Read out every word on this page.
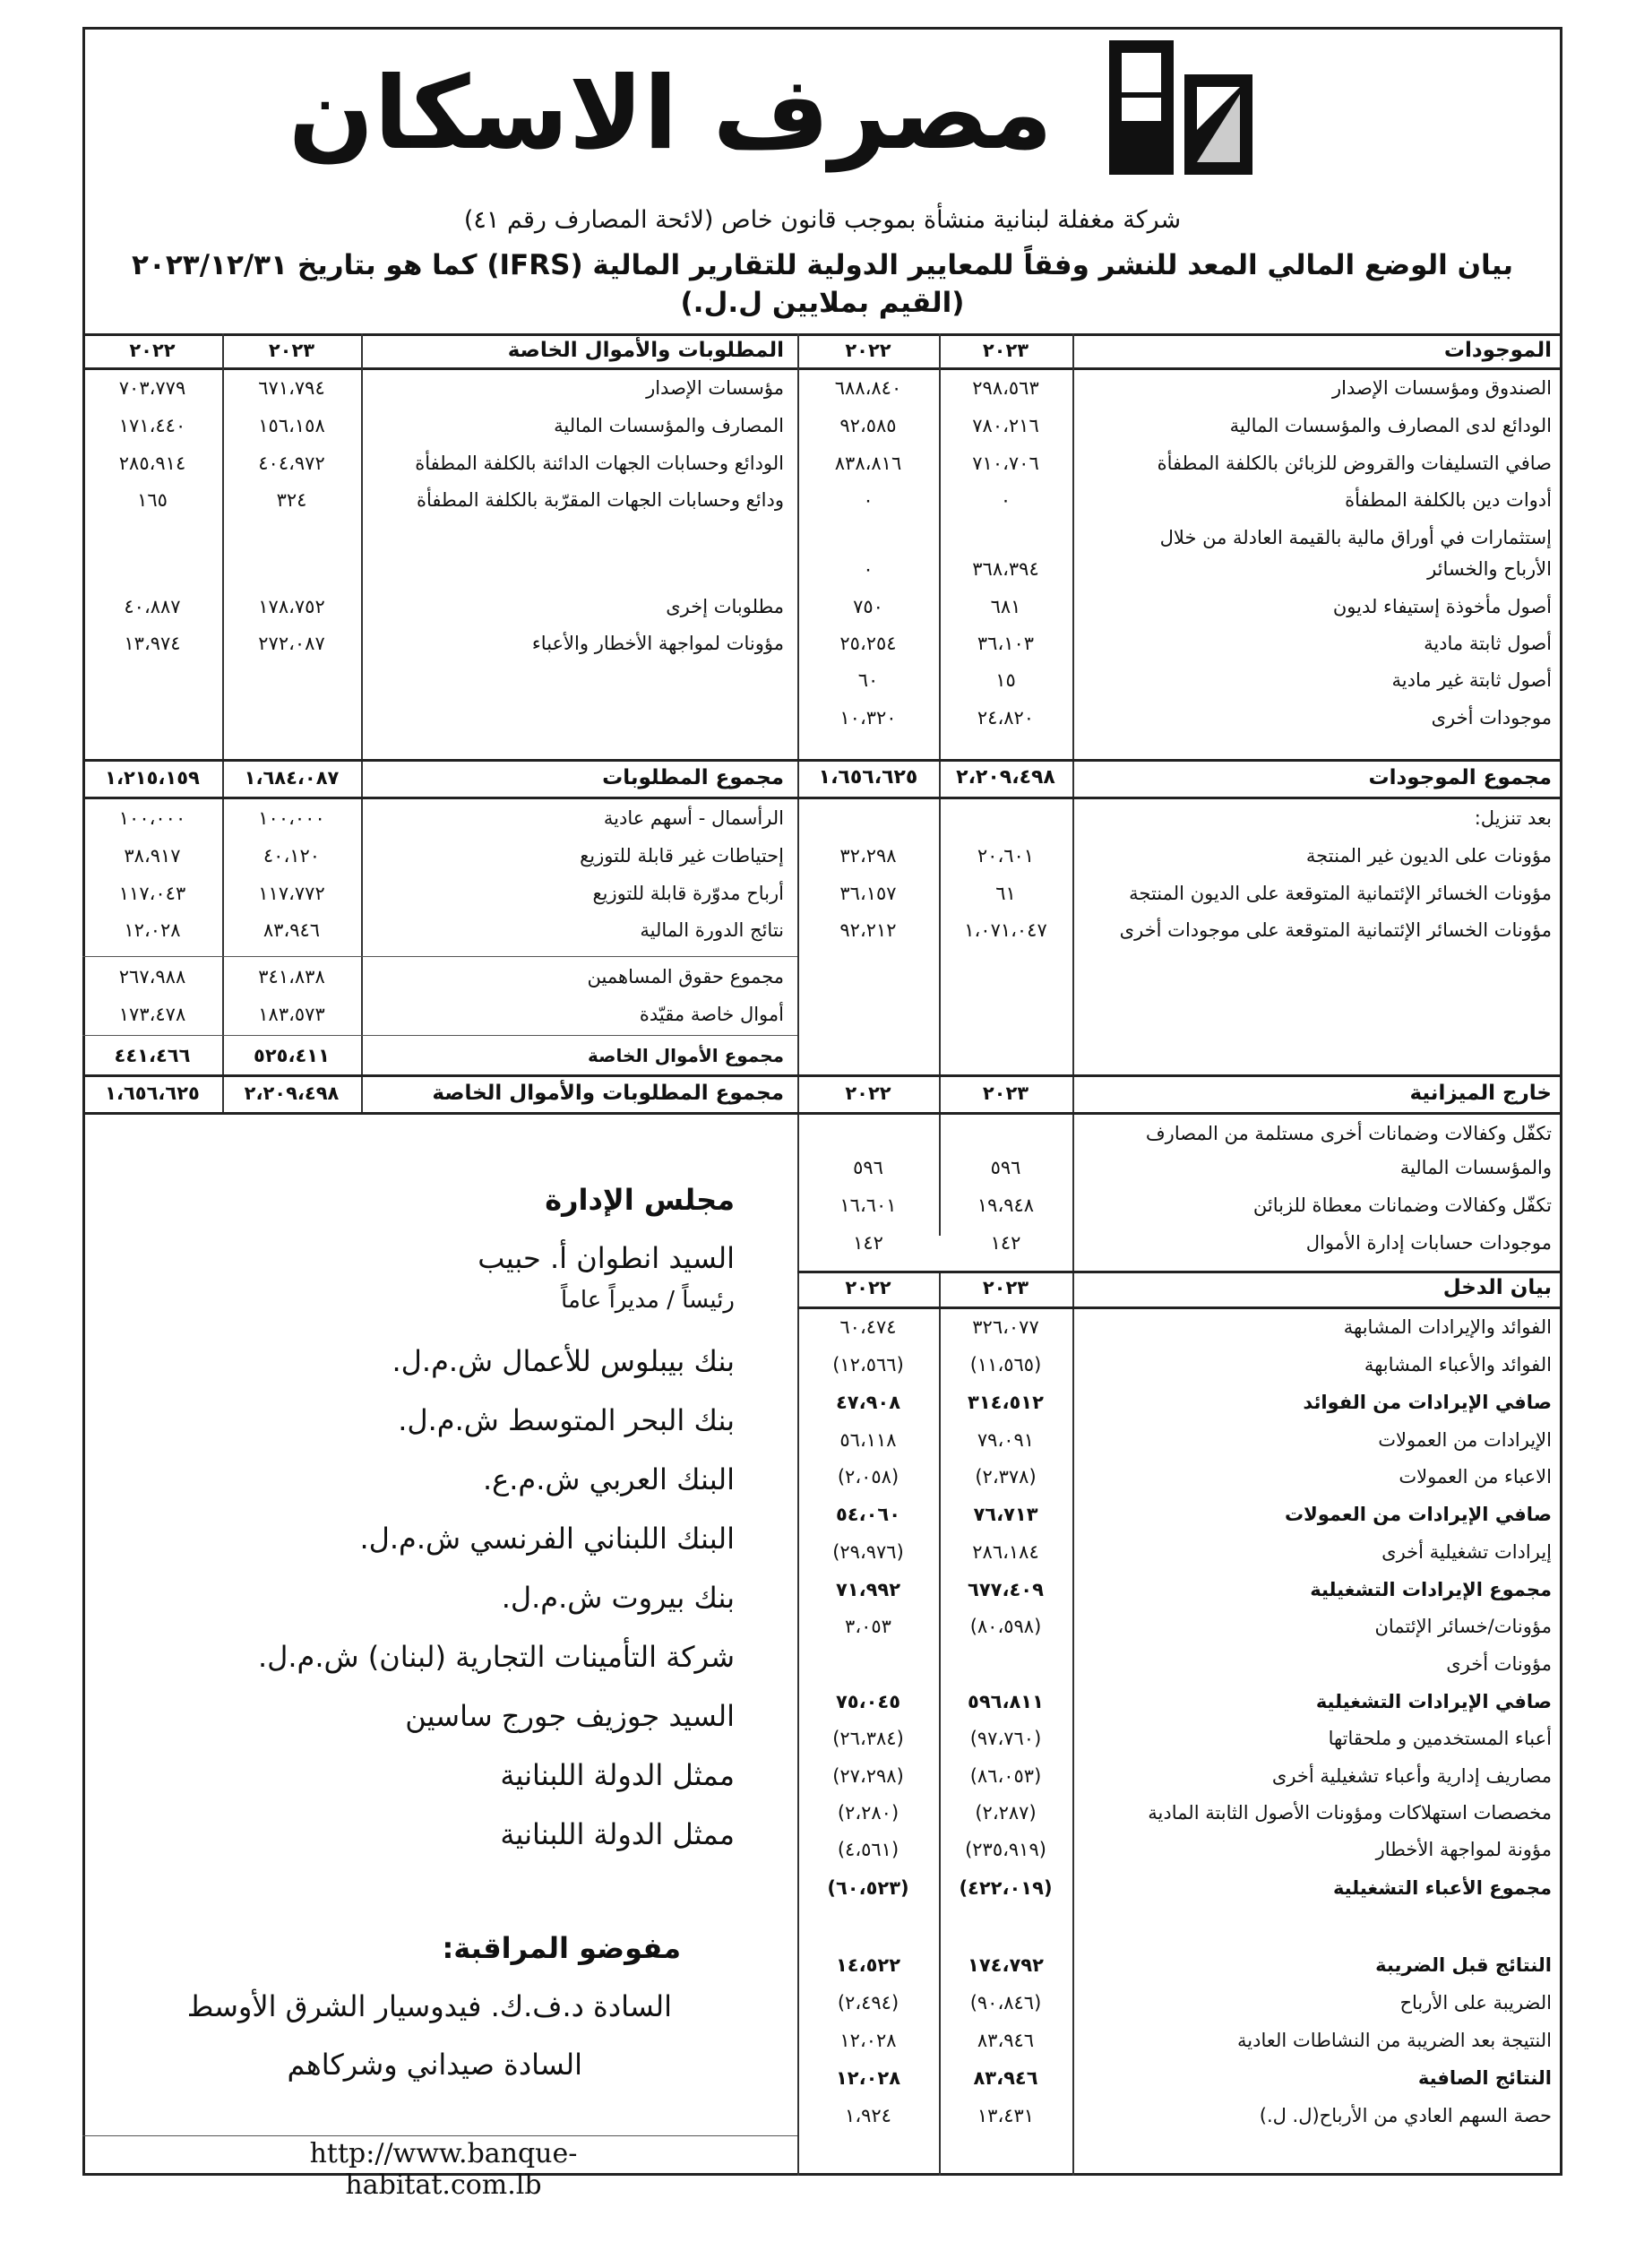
مصرف الاسكان
شركة مغفلة لبنانية منشأة بموجب قانون خاص (لائحة المصارف رقم ٤١)
بيان الوضع المالي المعد للنشر وفقاً للمعايير الدولية للتقارير المالية (IFRS) كما هو بتاريخ ٢٠٢٣/١٢/٣١
(القيم بملايين ل.ل.)
الموجودات
٢٠٢٣
٢٠٢٢
المطلوبات والأموال الخاصة
٢٠٢٣
٢٠٢٢
الصندوق ومؤسسات الإصدار
٢٩٨،٥٦٣
٦٨٨،٨٤٠
الودائع لدى المصارف والمؤسسات المالية
٧٨٠،٢١٦
٩٢،٥٨٥
صافي التسليفات والقروض للزبائن بالكلفة المطفأة
٧١٠،٧٠٦
٨٣٨،٨١٦
أدوات دين بالكلفة المطفأة
٠
٠
إستثمارات في أوراق مالية بالقيمة العادلة من خلال
الأرباح والخسائر
٣٦٨،٣٩٤
٠
أصول مأخوذة إستيفاء لديون
٦٨١
٧٥٠
أصول ثابتة مادية
٣٦،١٠٣
٢٥،٢٥٤
أصول ثابتة غير مادية
١٥
٦٠
موجودات أخرى
٢٤،٨٢٠
١٠،٣٢٠
مؤونات على الديون غير المنتجة
٢٠،٦٠١
٣٢،٢٩٨
مؤونات الخسائر الإئتمانية المتوقعة على الديون المنتجة
٦١
٣٦،١٥٧
مؤونات الخسائر الإئتمانية المتوقعة على موجودات أخرى
١،٠٧١،٠٤٧
٩٢،٢١٢
مؤسسات الإصدار
٦٧١،٧٩٤
٧٠٣،٧٧٩
المصارف والمؤسسات المالية
١٥٦،١٥٨
١٧١،٤٤٠
الودائع وحسابات الجهات الدائنة بالكلفة المطفأة
٤٠٤،٩٧٢
٢٨٥،٩١٤
ودائع وحسابات الجهات المقرّبة بالكلفة المطفأة
٣٢٤
١٦٥
مطلوبات إخرى
١٧٨،٧٥٢
٤٠،٨٨٧
مؤونات لمواجهة الأخطار والأعباء
٢٧٢،٠٨٧
١٣،٩٧٤
الرأسمال - أسهم عادية
١٠٠،٠٠٠
١٠٠،٠٠٠
إحتياطات غير قابلة للتوزيع
٤٠،١٢٠
٣٨،٩١٧
أرباح مدوّرة قابلة للتوزيع
١١٧،٧٧٢
١١٧،٠٤٣
نتائج الدورة المالية
٨٣،٩٤٦
١٢،٠٢٨
مجموع حقوق المساهمين
٣٤١،٨٣٨
٢٦٧،٩٨٨
أموال خاصة مقيّدة
١٨٣،٥٧٣
١٧٣،٤٧٨
تكفّل وكفالات وضمانات أخرى مستلمة من المصارف
والمؤسسات المالية
٥٩٦
٥٩٦
تكفّل وكفالات وضمانات معطاة للزبائن
١٩،٩٤٨
١٦،٦٠١
موجودات حسابات إدارة الأموال
١٤٢
١٤٢
الفوائد والإيرادات المشابهة
٣٢٦،٠٧٧
٦٠،٤٧٤
الفوائد والأعباء المشابهة
(١١،٥٦٥)
(١٢،٥٦٦)
صافي الإيرادات من الفوائد
٣١٤،٥١٢
٤٧،٩٠٨
الإيرادات من العمولات
٧٩،٠٩١
٥٦،١١٨
الاعباء من العمولات
(٢،٣٧٨)
(٢،٠٥٨)
صافي الإيرادات من العمولات
٧٦،٧١٣
٥٤،٠٦٠
إيرادات تشغيلية أخرى
٢٨٦،١٨٤
(٢٩،٩٧٦)
مجموع الإيرادات التشغيلية
٦٧٧،٤٠٩
٧١،٩٩٢
مؤونات/خسائر الإئتمان
(٨٠،٥٩٨)
٣،٠٥٣
مؤونات أخرى
صافي الإيرادات التشغيلية
٥٩٦،٨١١
٧٥،٠٤٥
أعباء المستخدمين و ملحقاتها
(٩٧،٧٦٠)
(٢٦،٣٨٤)
مصاريف إدارية وأعباء تشغيلية أخرى
(٨٦،٠٥٣)
(٢٧،٢٩٨)
مخصصات استهلاكات ومؤونات الأصول الثابتة المادية
(٢،٢٨٧)
(٢،٢٨٠)
مؤونة لمواجهة الأخطار
(٢٣٥،٩١٩)
(٤،٥٦١)
مجموع الأعباء التشغيلية
(٤٢٢،٠١٩)
(٦٠،٥٢٣)
النتائج قبل الضريبة
١٧٤،٧٩٢
١٤،٥٢٢
الضريبة على الأرباح
(٩٠،٨٤٦)
(٢،٤٩٤)
النتيجة بعد الضريبة من النشاطات العادية
٨٣،٩٤٦
١٢،٠٢٨
النتائج الصافية
٨٣،٩٤٦
١٢،٠٢٨
حصة السهم العادي من الأرباح(ل. ل.)
١٣،٤٣١
١،٩٢٤
مجموع الموجودات
٢،٢٠٩،٤٩٨
١،٦٥٦،٦٢٥
مجموع المطلوبات
١،٦٨٤،٠٨٧
١،٢١٥،١٥٩
بعد تنزيل:
مجموع الأموال الخاصة
٥٢٥،٤١١
٤٤١،٤٦٦
خارج الميزانية
٢٠٢٣
٢٠٢٢
مجموع المطلوبات والأموال الخاصة
٢،٢٠٩،٤٩٨
١،٦٥٦،٦٢٥
بيان الدخل
٢٠٢٣
٢٠٢٢
مجلس الإدارة
السيد انطوان أ. حبيب
رئيساً / مديراً عاماً
بنك بيبلوس للأعمال ش.م.ل.
بنك البحر المتوسط ش.م.ل.
البنك العربي ش.م.ع.
البنك اللبناني الفرنسي ش.م.ل.
بنك بيروت ش.م.ل.
شركة التأمينات التجارية (لبنان) ش.م.ل.
السيد جوزيف جورج ساسين
ممثل الدولة اللبنانية
ممثل الدولة اللبنانية
مفوضو المراقبة:
السادة د.ف.ك. فيدوسيار الشرق الأوسط
السادة صيداني وشركاهم
http://www.banque-habitat.com.lb
